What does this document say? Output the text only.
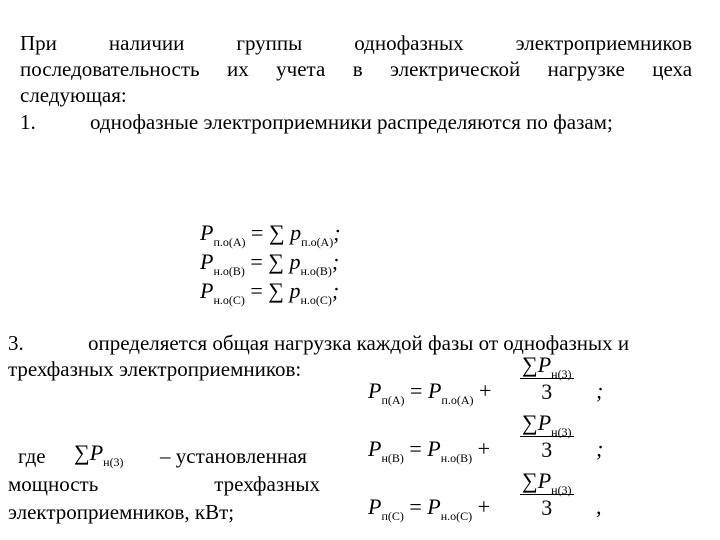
При наличии группы однофазных электроприемников
последовательность их учета в электрической нагрузке цеха
следующая:
1.	однофазные электроприемники распределяются по фазам;
$P_{п.о(A)}$ = ∑ $p_{п.о(A)}$;
$P_{н.о(B)}$ = ∑ $p_{н.о(B)}$;
$P_{н.о(C)}$ = ∑ $p_{н.о(C)}$;
3.	определяется общая нагрузка каждой фазы от однофазных и
трехфазных электроприемников:
где $\sum P_{н(3)}$ – установленная
мощность	трехфазных
электроприемников, кВт;
$P_{п(A)} = P_{п.о(A)}$ +
$\sum P_{н(3)}$
3	;
$P_{н(B)} = P_{н.о(B)}$ +
$\sum P_{н(3)}$
3	;
$P_{п(C)} = P_{н.о(C)}$ +
$\sum P_{н(3)}$
3	,
